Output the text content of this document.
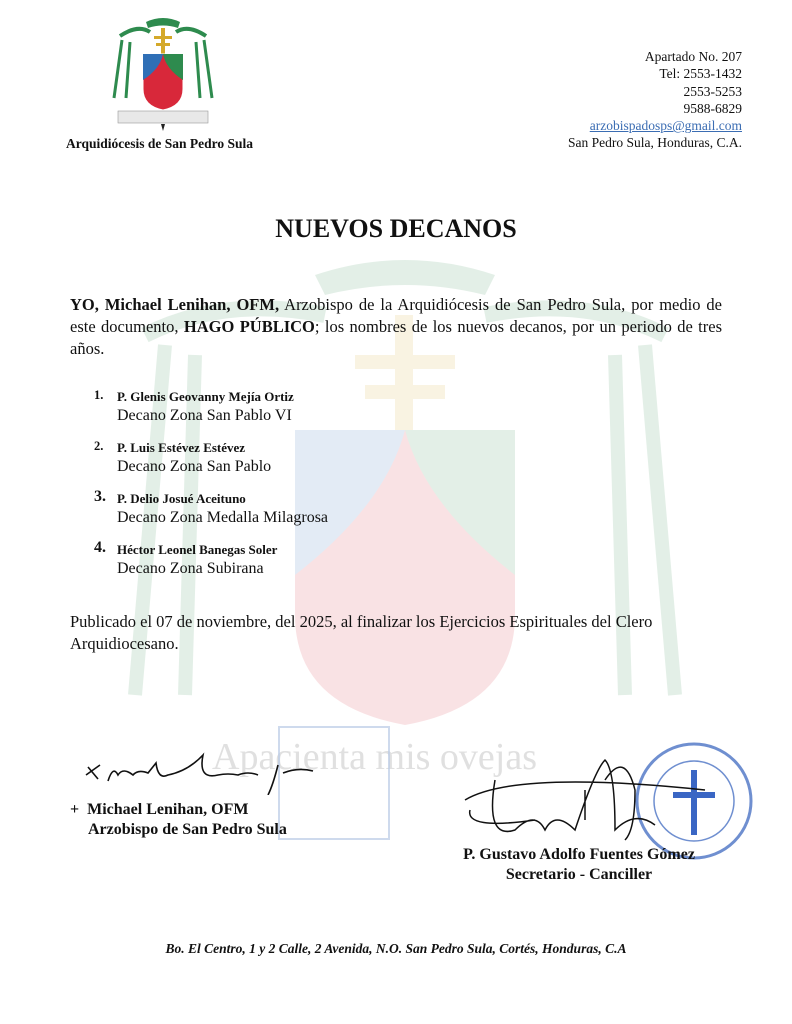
Arquidiócesis de San Pedro Sula
Apartado No. 207
Tel: 2553-1432
2553-5253
9588-6829
arzobispadosps@gmail.com
San Pedro Sula, Honduras, C.A.
NUEVOS DECANOS
YO, Michael Lenihan, OFM, Arzobispo de la Arquidiócesis de San Pedro Sula, por medio de este documento, HAGO PÚBLICO; los nombres de los nuevos decanos, por un periodo de tres años.
1. P. Glenis Geovanny Mejía Ortiz
Decano Zona San Pablo VI
2. P. Luis Estévez Estévez
Decano Zona San Pablo
3. P. Delio Josué Aceituno
Decano Zona Medalla Milagrosa
4. Héctor Leonel Banegas Soler
Decano Zona Subirana
Publicado el 07 de noviembre, del 2025, al finalizar los Ejercicios Espirituales del Clero Arquidiocesano.
Apacienta mis ovejas
+ Michael Lenihan, OFM
Arzobispo de San Pedro Sula
P. Gustavo Adolfo Fuentes Gómez
Secretario - Canciller
Bo. El Centro, 1 y 2 Calle, 2 Avenida, N.O. San Pedro Sula, Cortés, Honduras, C.A
